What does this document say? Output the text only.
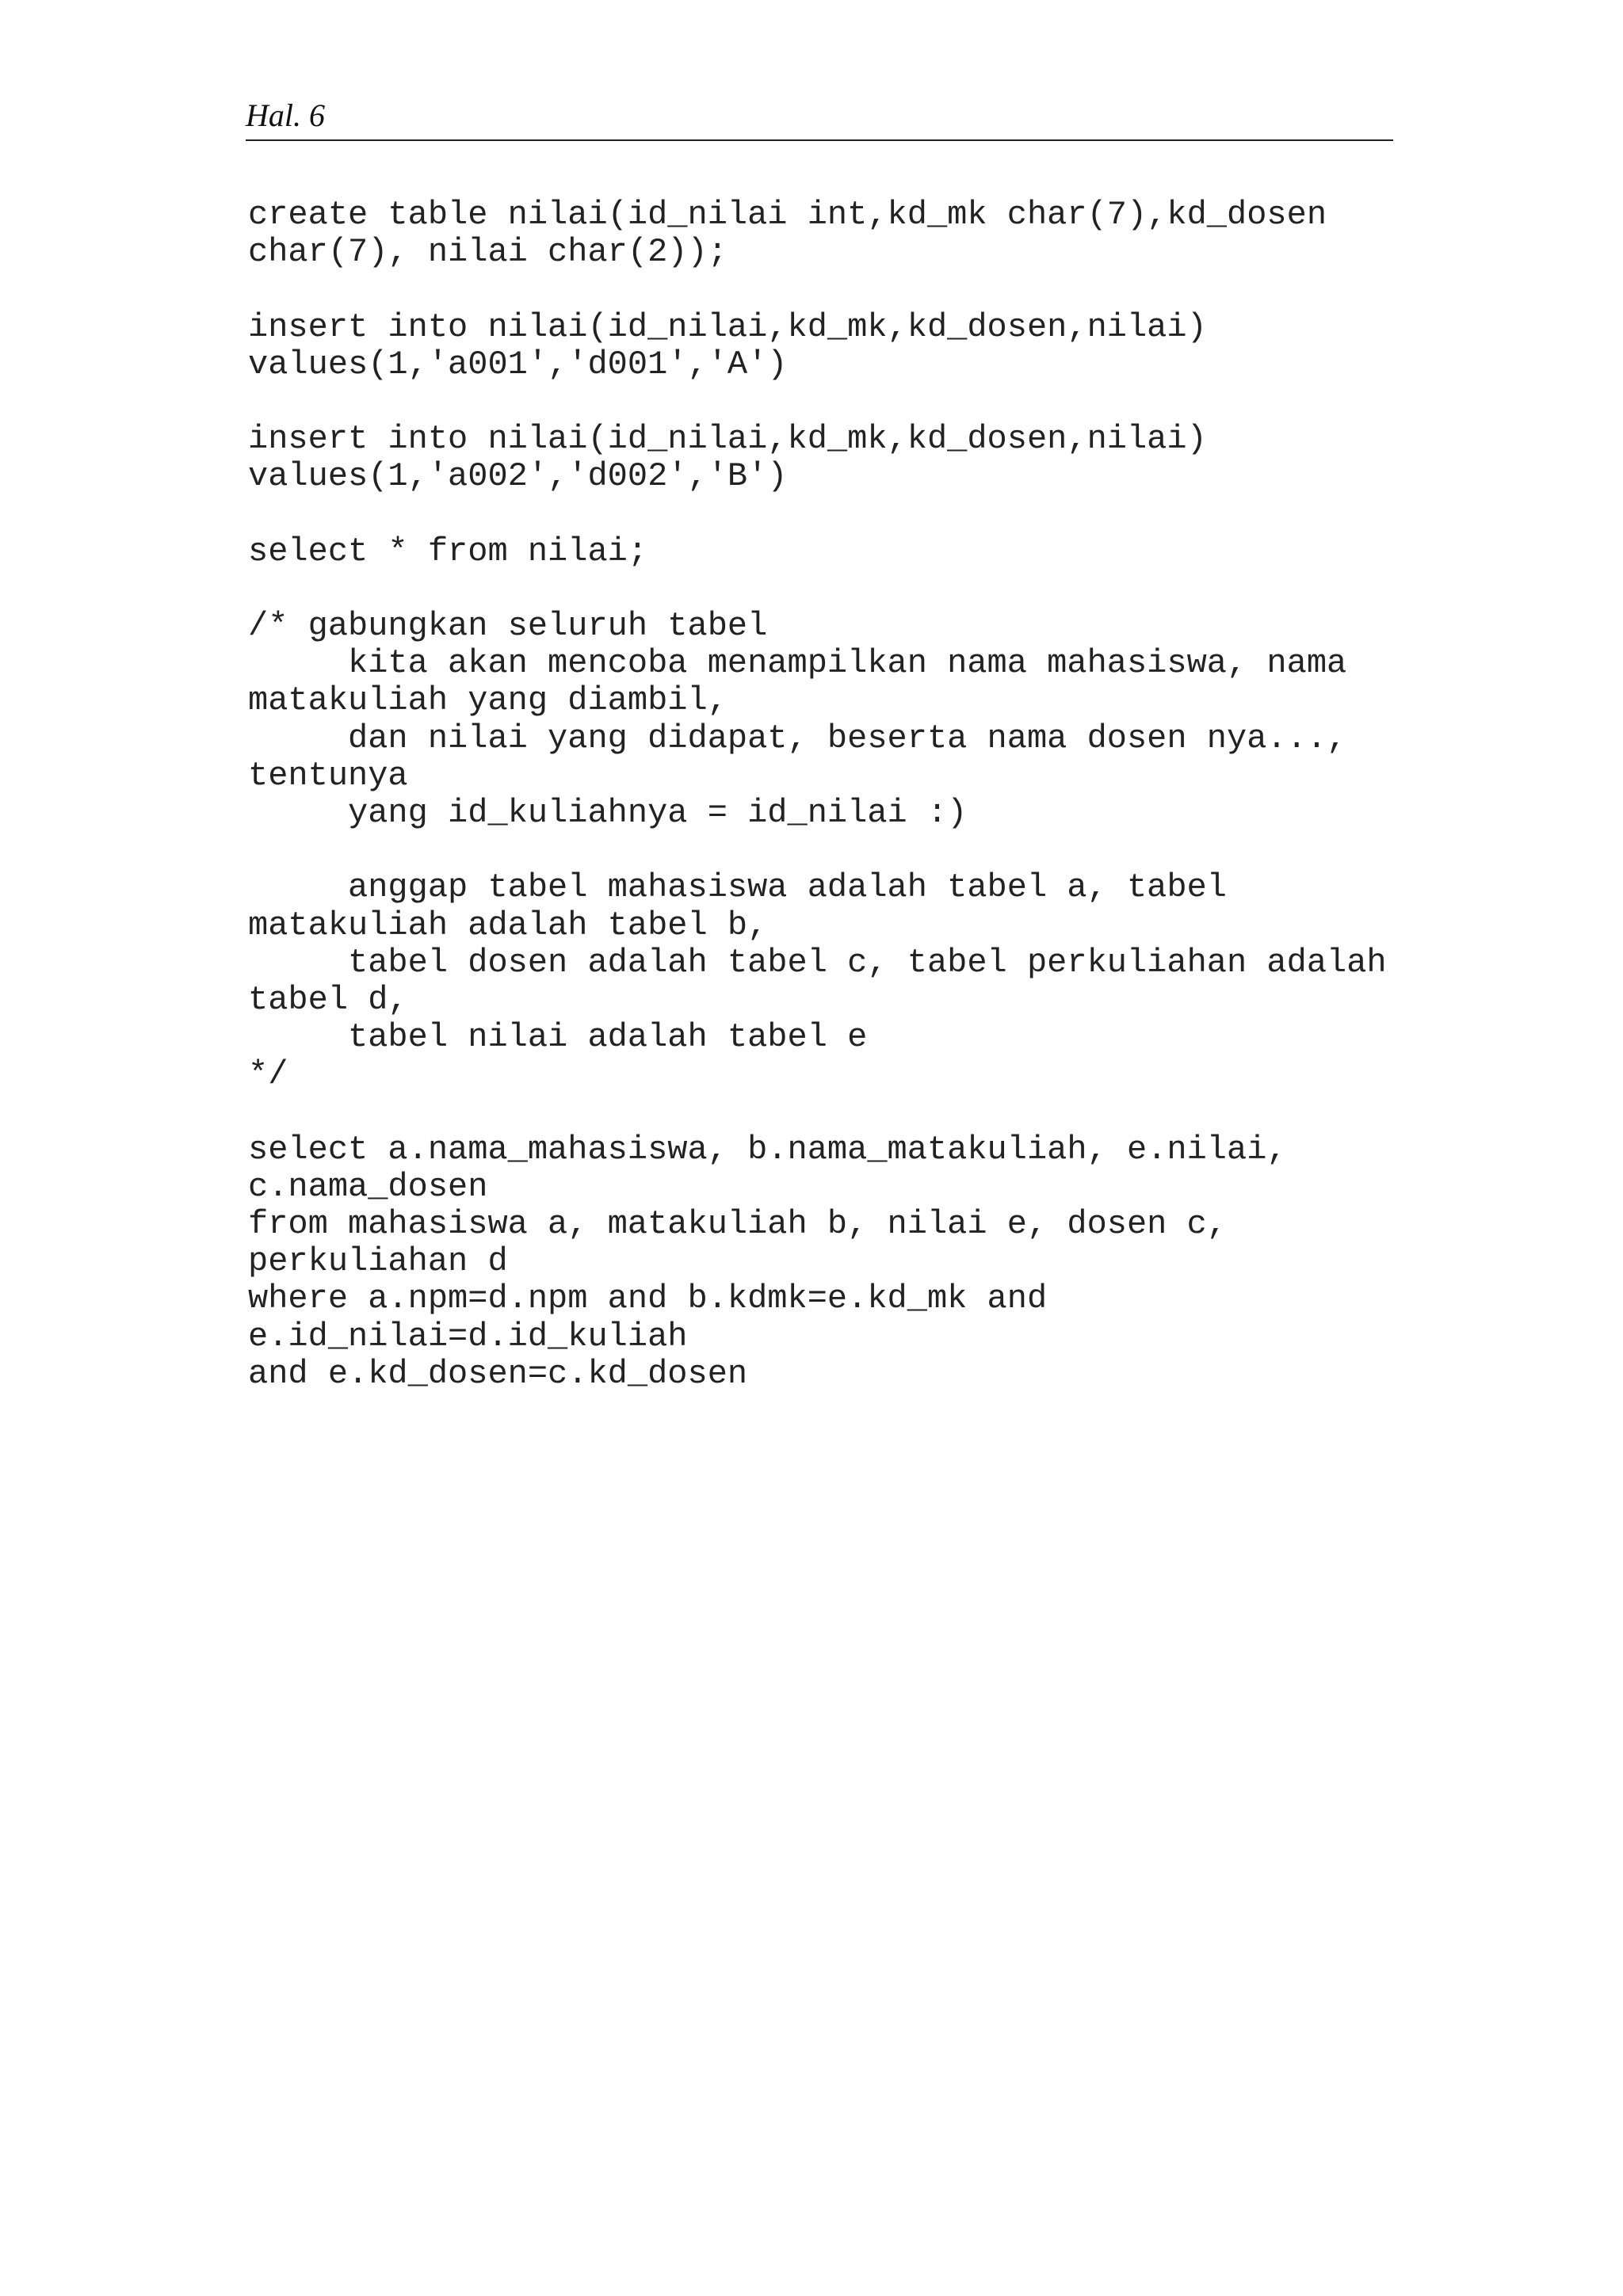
Hal. 6
create table nilai(id_nilai int,kd_mk char(7),kd_dosen
char(7), nilai char(2));
insert into nilai(id_nilai,kd_mk,kd_dosen,nilai)
values(1,'a001','d001','A')
insert into nilai(id_nilai,kd_mk,kd_dosen,nilai)
values(1,'a002','d002','B')
select * from nilai;
/* gabungkan seluruh tabel
kita akan mencoba menampilkan nama mahasiswa, nama
matakuliah yang diambil,
dan nilai yang didapat, beserta nama dosen nya...,
tentunya
yang id_kuliahnya = id_nilai :)
anggap tabel mahasiswa adalah tabel a, tabel
matakuliah adalah tabel b,
tabel dosen adalah tabel c, tabel perkuliahan adalah
tabel d,
tabel nilai adalah tabel e
*/
select a.nama_mahasiswa, b.nama_matakuliah, e.nilai,
c.nama_dosen
from mahasiswa a, matakuliah b, nilai e, dosen c,
perkuliahan d
where a.npm=d.npm and b.kdmk=e.kd_mk and
e.id_nilai=d.id_kuliah
and e.kd_dosen=c.kd_dosen
